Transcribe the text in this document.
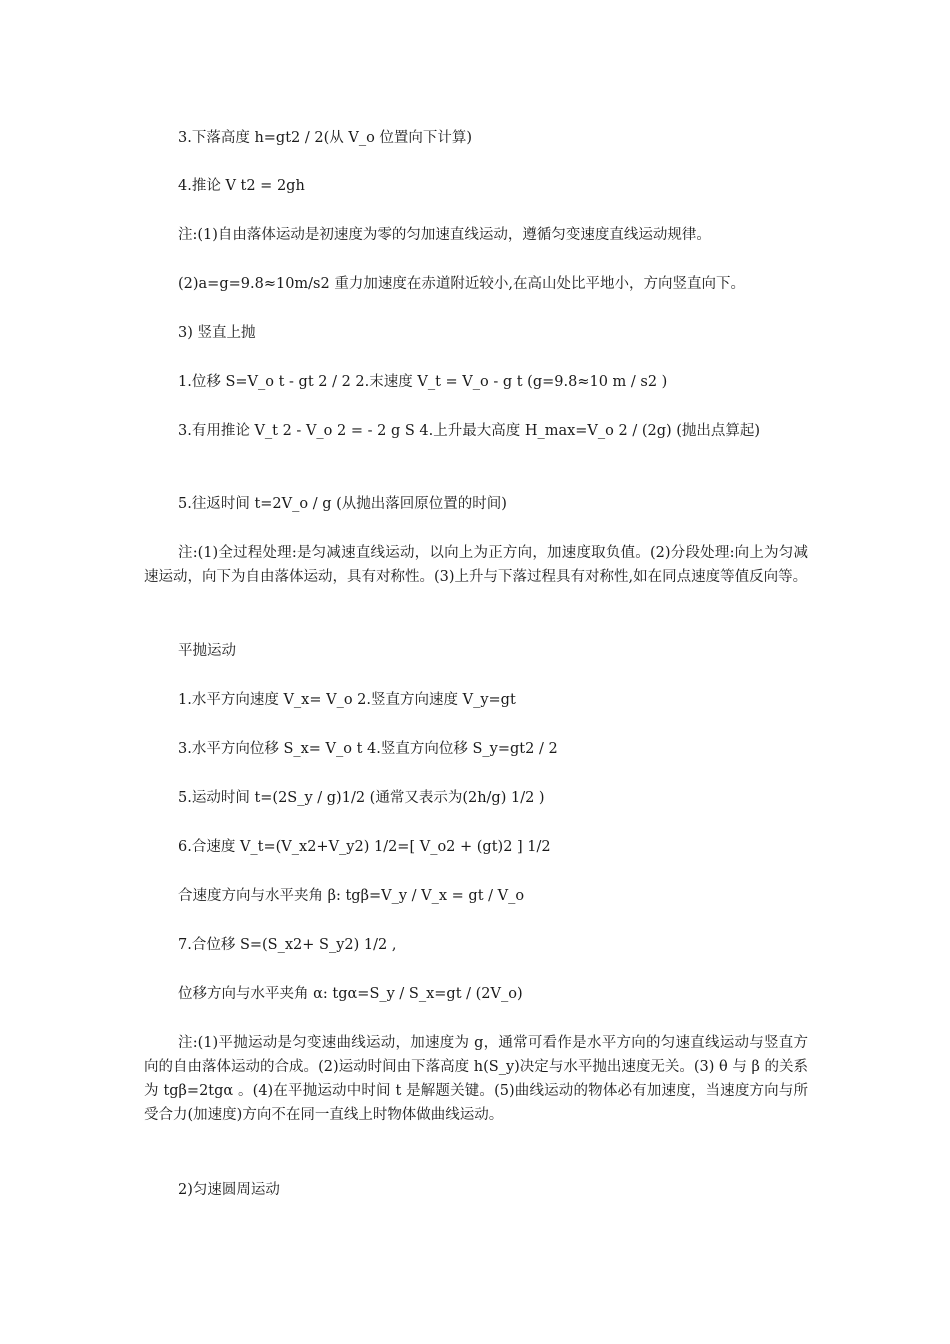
3.下落高度 h=gt2 / 2(从 V_o 位置向下计算)

4.推论 V t2 = 2gh

注:(1)自由落体运动是初速度为零的匀加速直线运动，遵循匀变速度直线运动规律。

(2)a=g=9.8≈10m/s2 重力加速度在赤道附近较小,在高山处比平地小，方向竖直向下。

3) 竖直上抛

1.位移 S=V_o t - gt 2 / 2 2.末速度 V_t = V_o - g t (g=9.8≈10 m / s2 )

3.有用推论 V_t 2 - V_o 2 = - 2 g S 4.上升最大高度 H_max=V_o 2 / (2g) (抛出点算起)

5.往返时间 t=2V_o / g (从抛出落回原位置的时间)

注:(1)全过程处理:是匀减速直线运动，以向上为正方向，加速度取负值。(2)分段处理:向上为匀减速运动，向下为自由落体运动，具有对称性。(3)上升与下落过程具有对称性,如在同点速度等值反向等。

平抛运动

1.水平方向速度 V_x= V_o 2.竖直方向速度 V_y=gt

3.水平方向位移 S_x= V_o t 4.竖直方向位移 S_y=gt2 / 2

5.运动时间 t=(2S_y / g)1/2 (通常又表示为(2h/g) 1/2 )

6.合速度 V_t=(V_x2+V_y2) 1/2=[ V_o2 + (gt)2 ] 1/2

合速度方向与水平夹角 β: tgβ=V_y / V_x = gt / V_o

7.合位移 S=(S_x2+ S_y2) 1/2 ,

位移方向与水平夹角 α: tgα=S_y / S_x=gt / (2V_o)

注:(1)平抛运动是匀变速曲线运动，加速度为 g，通常可看作是水平方向的匀速直线运动与竖直方向的自由落体运动的合成。(2)运动时间由下落高度 h(S_y)决定与水平抛出速度无关。(3) θ 与 β 的关系为 tgβ=2tgα 。(4)在平抛运动中时间 t 是解题关键。(5)曲线运动的物体必有加速度，当速度方向与所受合力(加速度)方向不在同一直线上时物体做曲线运动。

2)匀速圆周运动
